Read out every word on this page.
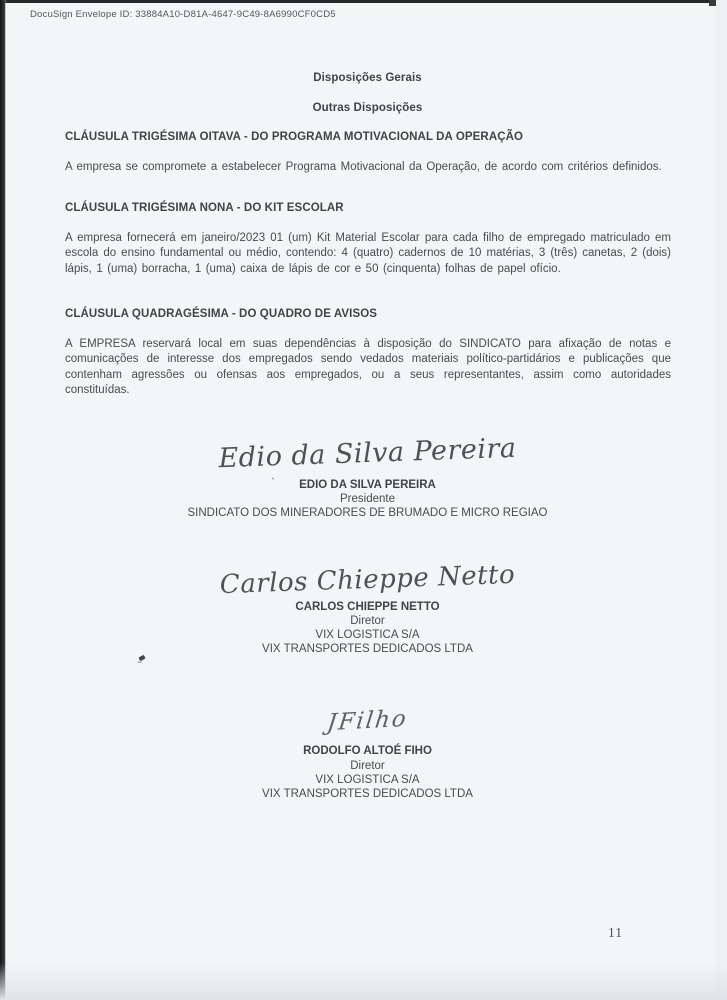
DocuSign Envelope ID: 33884A10-D81A-4647-9C49-8A6990CF0CD5
Disposições Gerais
Outras Disposições
CLÁUSULA TRIGÉSIMA OITAVA - DO PROGRAMA MOTIVACIONAL DA OPERAÇÃO
A empresa se compromete a estabelecer Programa Motivacional da Operação, de acordo com critérios definidos.
CLÁUSULA TRIGÉSIMA NONA - DO KIT ESCOLAR
A empresa fornecerá em janeiro/2023 01 (um) Kit Material Escolar para cada filho de empregado matriculado em escola do ensino fundamental ou médio, contendo: 4 (quatro) cadernos de 10 matérias, 3 (três) canetas, 2 (dois) lápis, 1 (uma) borracha, 1 (uma) caixa de lápis de cor e 50 (cinquenta) folhas de papel ofício.
CLÁUSULA QUADRAGÉSIMA - DO QUADRO DE AVISOS
A EMPRESA reservará local em suas dependências à disposição do SINDICATO para afixação de notas e comunicações de interesse dos empregados sendo vedados materiais político-partidários e publicações que contenham agressões ou ofensas aos empregados, ou a seus representantes, assim como autoridades constituídas.
Edio da Silva Pereira
`	EDIO DA SILVA PEREIRA
Presidente
SINDICATO DOS MINERADORES DE BRUMADO E MICRO REGIAO
Carlos Chieppe Netto
CARLOS CHIEPPE NETTO
Diretor
VIX LOGISTICA S/A
VIX TRANSPORTES DEDICADOS LTDA
JFilho
RODOLFO ALTOÉ FIHO
Diretor
VIX LOGISTICA S/A
VIX TRANSPORTES DEDICADOS LTDA
11
